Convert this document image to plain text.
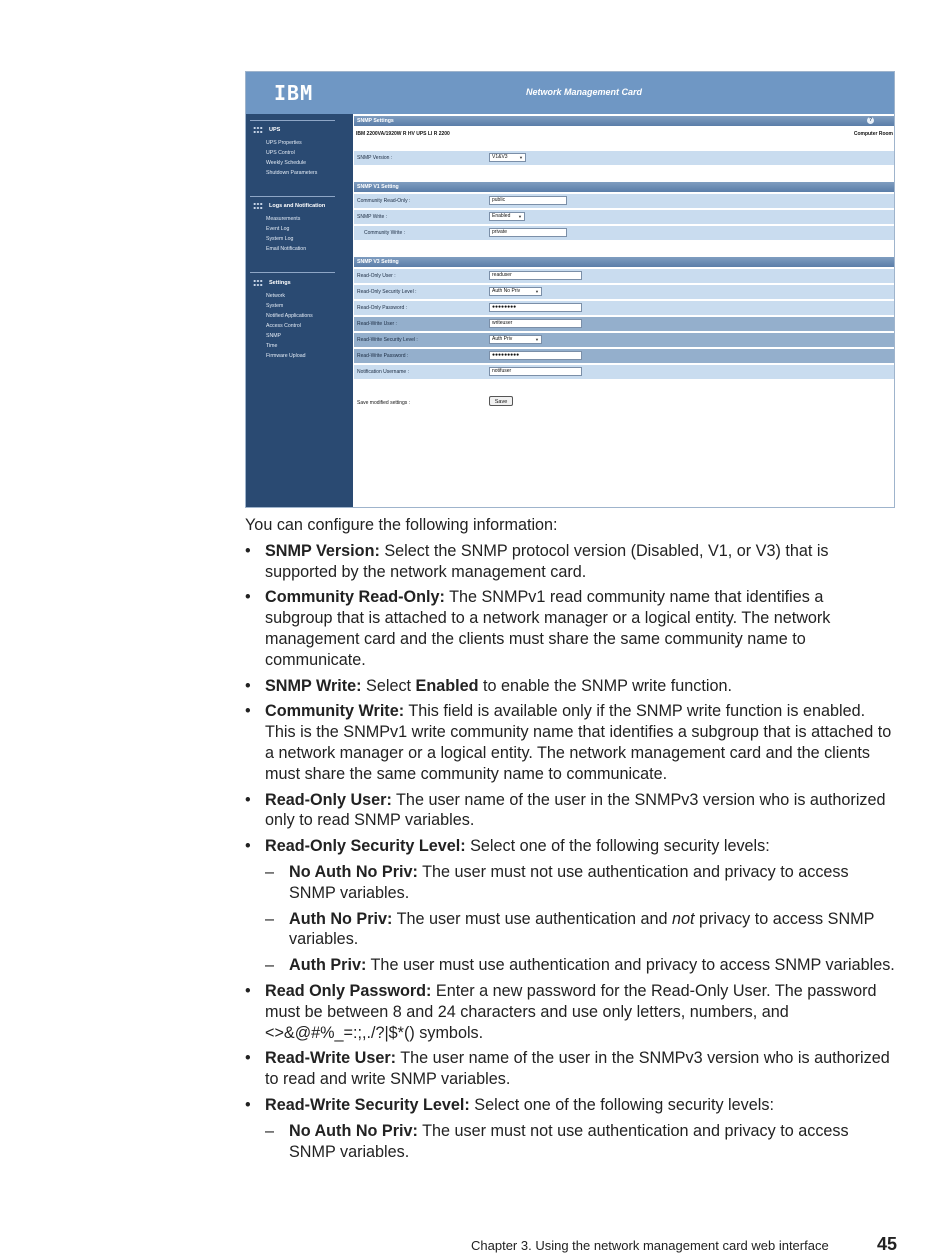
IBM	Network Management Card
UPS
UPS Properties
UPS Control
Weekly Schedule
Shutdown Parameters
Logs and Notification
Measurements
Event Log
System Log
Email Notification
Settings
Network
System
Notified Applications
Access Control
SNMP
Time
Firmware Upload
SNMP Settings	?
IBM 2200VA/1920W R HV UPS LI R 2200	Computer Room
SNMP Version :	V1&V3	▼
SNMP V1 Setting
Community Read-Only :	public
SNMP Write :	Enabled ▼
Community Write :	private
SNMP V3 Setting
Read-Only User :	readuser
Read-Only Security Level :	Auth No Priv	▼
Read-Only Password :	●●●●●●●●
Read-Write User :	writeuser
Read-Write Security Level :	Auth Priv	▼
Read-Write Password :	●●●●●●●●●
Notification Username :	notifuser
Save modified settings :	Save

You can configure the following information:

• SNMP Version: Select the SNMP protocol version (Disabled, V1, or V3) that is supported by the network management card.
• Community Read-Only: The SNMPv1 read community name that identifies a subgroup that is attached to a network manager or a logical entity. The network management card and the clients must share the same community name to communicate.
• SNMP Write: Select Enabled to enable the SNMP write function.
• Community Write: This field is available only if the SNMP write function is enabled. This is the SNMPv1 write community name that identifies a subgroup that is attached to a network manager or a logical entity. The network management card and the clients must share the same community name to communicate.
• Read-Only User: The user name of the user in the SNMPv3 version who is authorized only to read SNMP variables.
• Read-Only Security Level: Select one of the following security levels:
– No Auth No Priv: The user must not use authentication and privacy to access SNMP variables.
– Auth No Priv: The user must use authentication and not privacy to access SNMP variables.
– Auth Priv: The user must use authentication and privacy to access SNMP variables.
• Read Only Password: Enter a new password for the Read-Only User. The password must be between 8 and 24 characters and use only letters, numbers, and <>&@#%_=:;,./?|$*() symbols.
• Read-Write User: The user name of the user in the SNMPv3 version who is authorized to read and write SNMP variables.
• Read-Write Security Level: Select one of the following security levels:
– No Auth No Priv: The user must not use authentication and privacy to access SNMP variables.
Chapter 3. Using the network management card web interface	45
